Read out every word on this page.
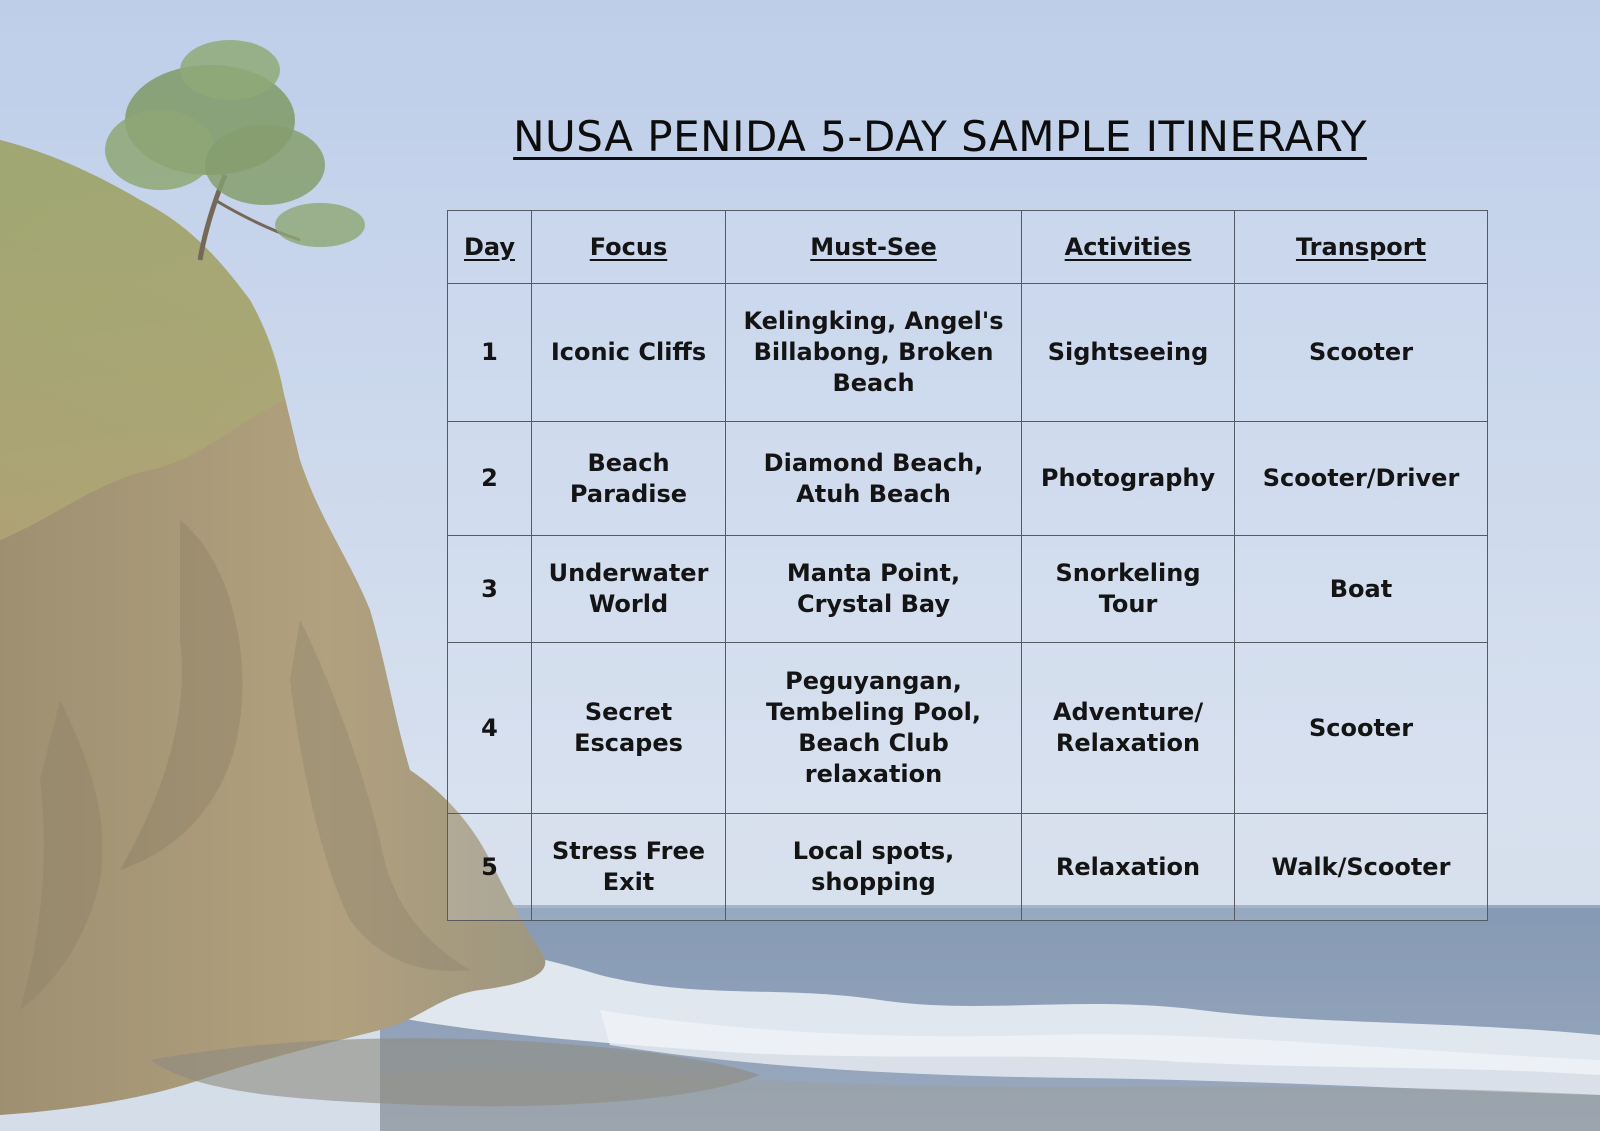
NUSA PENIDA 5-DAY SAMPLE ITINERARY
Day	Focus	Must-See	Activities	Transport
1	Iconic Cliffs	Kelingking, Angel's Billabong, Broken Beach	Sightseeing	Scooter
2	Beach Paradise	Diamond Beach, Atuh Beach	Photography	Scooter/Driver
3	Underwater World	Manta Point, Crystal Bay	Snorkeling Tour	Boat
4	Secret Escapes	Peguyangan, Tembeling Pool, Beach Club relaxation	Adventure/ Relaxation	Scooter
5	Stress Free Exit	Local spots, shopping	Relaxation	Walk/Scooter
